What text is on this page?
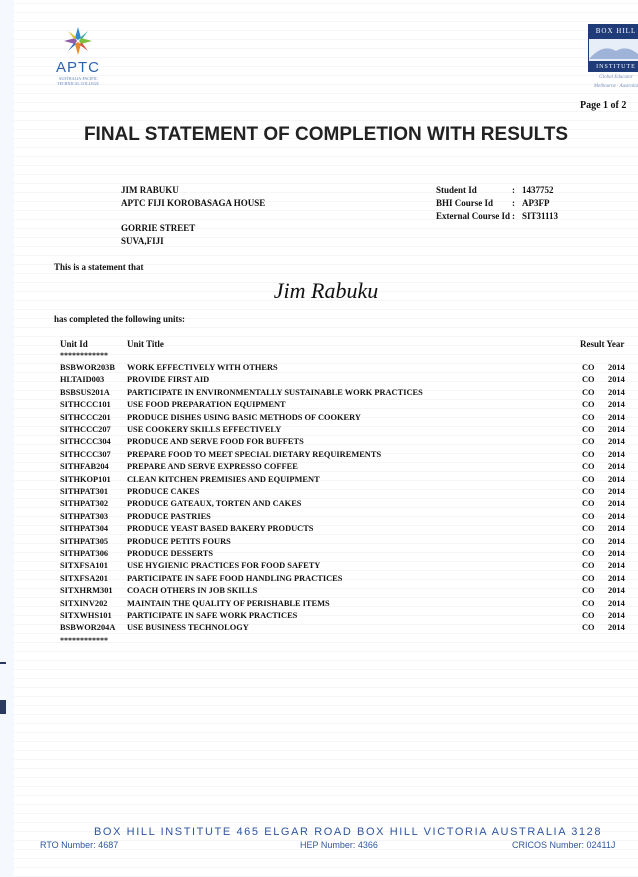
APTC
AUSTRALIA-PACIFIC TECHNICAL COLLEGE
BOX HILL
INSTITUTE
Global Educator
Melbourne · Australia
Page 1 of 2
FINAL STATEMENT OF COMPLETION WITH RESULTS
JIM RABUKU
APTC FIJI KOROBASAGA HOUSE
GORRIE STREET
SUVA,FIJI
Student Id	: 1437752
BHI Course Id : AP3FP
External Course Id : SIT31113
This is a statement that
Jim Rabuku
has completed the following units:
Unit Id	Unit Title	Result Year
************
BSBWOR203B WORK EFFECTIVELY WITH OTHERS	CO 2014
HLTAID003	PROVIDE FIRST AID	CO 2014
BSBSUS201A PARTICIPATE IN ENVIRONMENTALLY SUSTAINABLE WORK PRACTICES	CO 2014
SITHCCC101 USE FOOD PREPARATION EQUIPMENT	CO 2014
SITHCCC201 PRODUCE DISHES USING BASIC METHODS OF COOKERY	CO 2014
SITHCCC207 USE COOKERY SKILLS EFFECTIVELY	CO 2014
SITHCCC304 PRODUCE AND SERVE FOOD FOR BUFFETS	CO 2014
SITHCCC307 PREPARE FOOD TO MEET SPECIAL DIETARY REQUIREMENTS	CO 2014
SITHFAB204 PREPARE AND SERVE EXPRESSO COFFEE	CO 2014
SITHKOP101 CLEAN KITCHEN PREMISIES AND EQUIPMENT	CO 2014
SITHPAT301 PRODUCE CAKES	CO 2014
SITHPAT302 PRODUCE GATEAUX, TORTEN AND CAKES	CO 2014
SITHPAT303 PRODUCE PASTRIES	CO 2014
SITHPAT304 PRODUCE YEAST BASED BAKERY PRODUCTS	CO 2014
SITHPAT305 PRODUCE PETITS FOURS	CO 2014
SITHPAT306 PRODUCE DESSERTS	CO 2014
SITXFSA101 USE HYGIENIC PRACTICES FOR FOOD SAFETY	CO 2014
SITXFSA201 PARTICIPATE IN SAFE FOOD HANDLING PRACTICES	CO 2014
SITXHRM301 COACH OTHERS IN JOB SKILLS	CO 2014
SITXINV202 MAINTAIN THE QUALITY OF PERISHABLE ITEMS	CO 2014
SITXWHS101 PARTICIPATE IN SAFE WORK PRACTICES	CO 2014
BSBWOR204A USE BUSINESS TECHNOLOGY	CO 2014
************
BOX HILL INSTITUTE 465 ELGAR ROAD BOX HILL VICTORIA AUSTRALIA 3128
RTO Number: 4687	HEP Number: 4366	CRICOS Number: 02411J
